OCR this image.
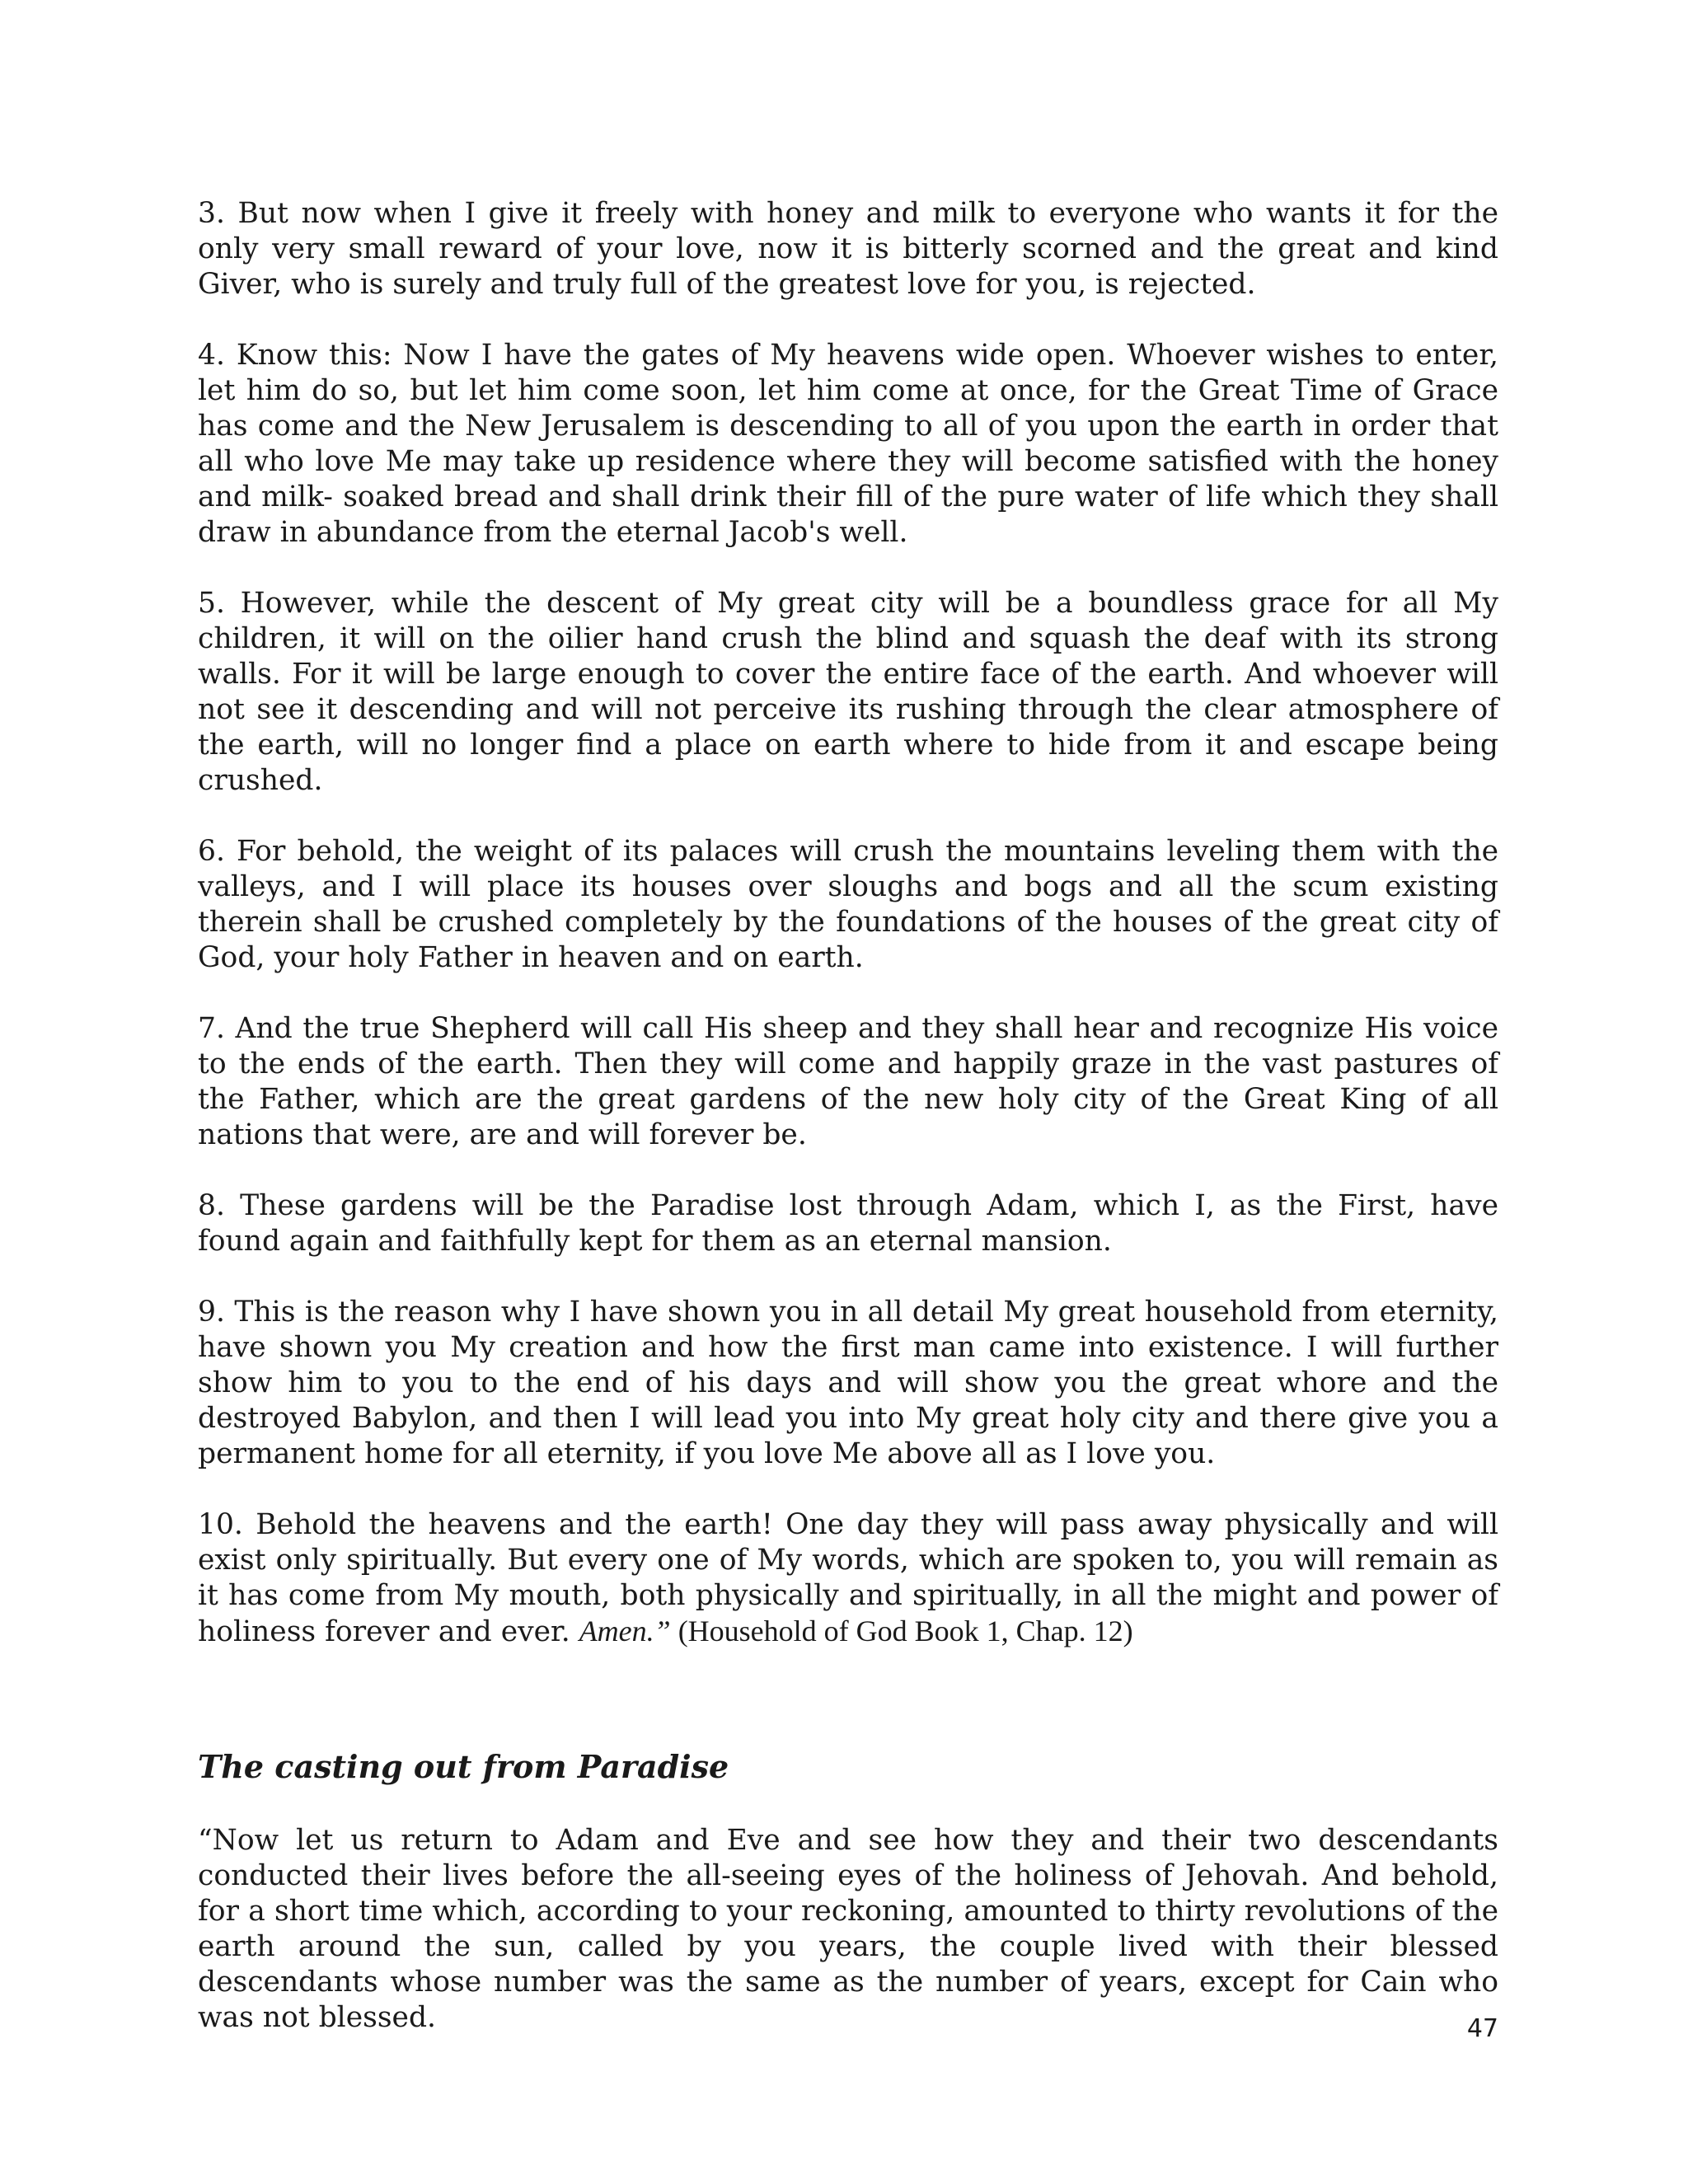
3. But now when I give it freely with honey and milk to everyone who wants it for the only very small reward of your love, now it is bitterly scorned and the great and kind Giver, who is surely and truly full of the greatest love for you, is rejected.

4. Know this: Now I have the gates of My heavens wide open. Whoever wishes to enter, let him do so, but let him come soon, let him come at once, for the Great Time of Grace has come and the New Jerusalem is descending to all of you upon the earth in order that all who love Me may take up residence where they will become satisfied with the honey and milk- soaked bread and shall drink their fill of the pure water of life which they shall draw in abundance from the eternal Jacob's well.

5. However, while the descent of My great city will be a boundless grace for all My children, it will on the oilier hand crush the blind and squash the deaf with its strong walls. For it will be large enough to cover the entire face of the earth. And whoever will not see it descending and will not perceive its rushing through the clear atmosphere of the earth, will no longer find a place on earth where to hide from it and escape being crushed.

6. For behold, the weight of its palaces will crush the mountains leveling them with the valleys, and I will place its houses over sloughs and bogs and all the scum existing therein shall be crushed completely by the foundations of the houses of the great city of God, your holy Father in heaven and on earth.

7. And the true Shepherd will call His sheep and they shall hear and recognize His voice to the ends of the earth. Then they will come and happily graze in the vast pastures of the Father, which are the great gardens of the new holy city of the Great King of all nations that were, are and will forever be.

8. These gardens will be the Paradise lost through Adam, which I, as the First, have found again and faithfully kept for them as an eternal mansion.

9. This is the reason why I have shown you in all detail My great household from eternity, have shown you My creation and how the first man came into existence. I will further show him to you to the end of his days and will show you the great whore and the destroyed Babylon, and then I will lead you into My great holy city and there give you a permanent home for all eternity, if you love Me above all as I love you.

10. Behold the heavens and the earth! One day they will pass away physically and will exist only spiritually. But every one of My words, which are spoken to, you will remain as it has come from My mouth, both physically and spiritually, in all the might and power of holiness forever and ever. Amen.” (Household of God Book 1, Chap. 12)

The casting out from Paradise

“Now let us return to Adam and Eve and see how they and their two descendants conducted their lives before the all-seeing eyes of the holiness of Jehovah. And behold, for a short time which, according to your reckoning, amounted to thirty revolutions of the earth around the sun, called by you years, the couple lived with their blessed descendants whose number was the same as the number of years, except for Cain who was not blessed.	47
